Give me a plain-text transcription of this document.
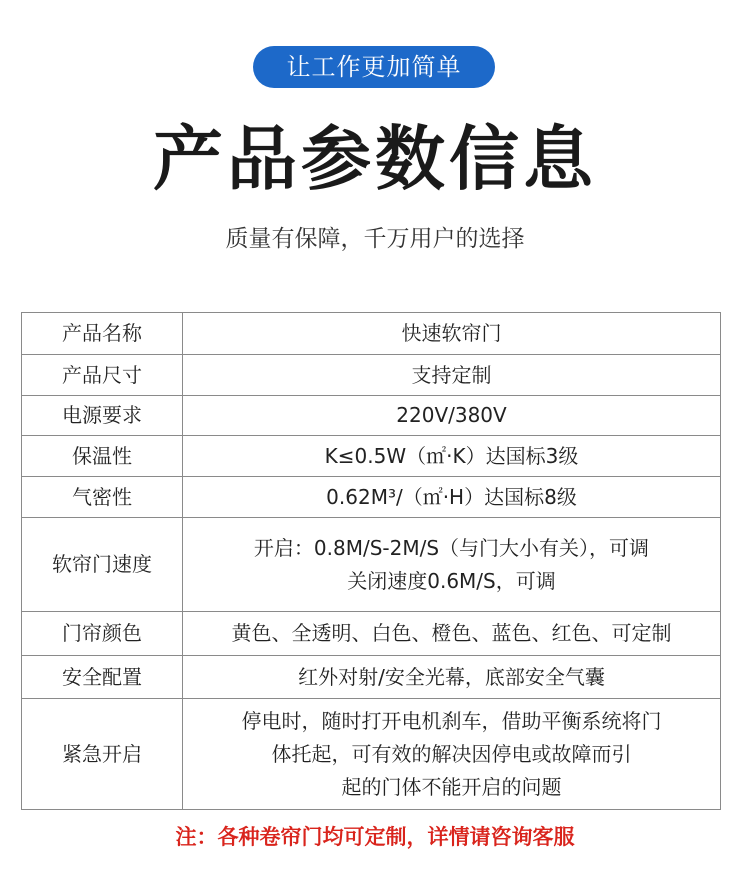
让工作更加简单
产品参数信息
质量有保障，千万用户的选择
产品名称	快速软帘门

产品尺寸	支持定制

电源要求	220V/380V

保温性	K≤0.5W（㎡·K）达国标3级

气密性	0.62M³/（㎡·H）达国标8级

软帘门速度	开启：0.8M/S-2M/S（与门大小有关），可调
关闭速度0.6M/S，可调

门帘颜色	黄色、全透明、白色、橙色、蓝色、红色、可定制

安全配置	红外对射/安全光幕，底部安全气囊

紧急开启	停电时，随时打开电机刹车，借助平衡系统将门
体托起，可有效的解决因停电或故障而引
起的门体不能开启的问题
注：各种卷帘门均可定制，详情请咨询客服
